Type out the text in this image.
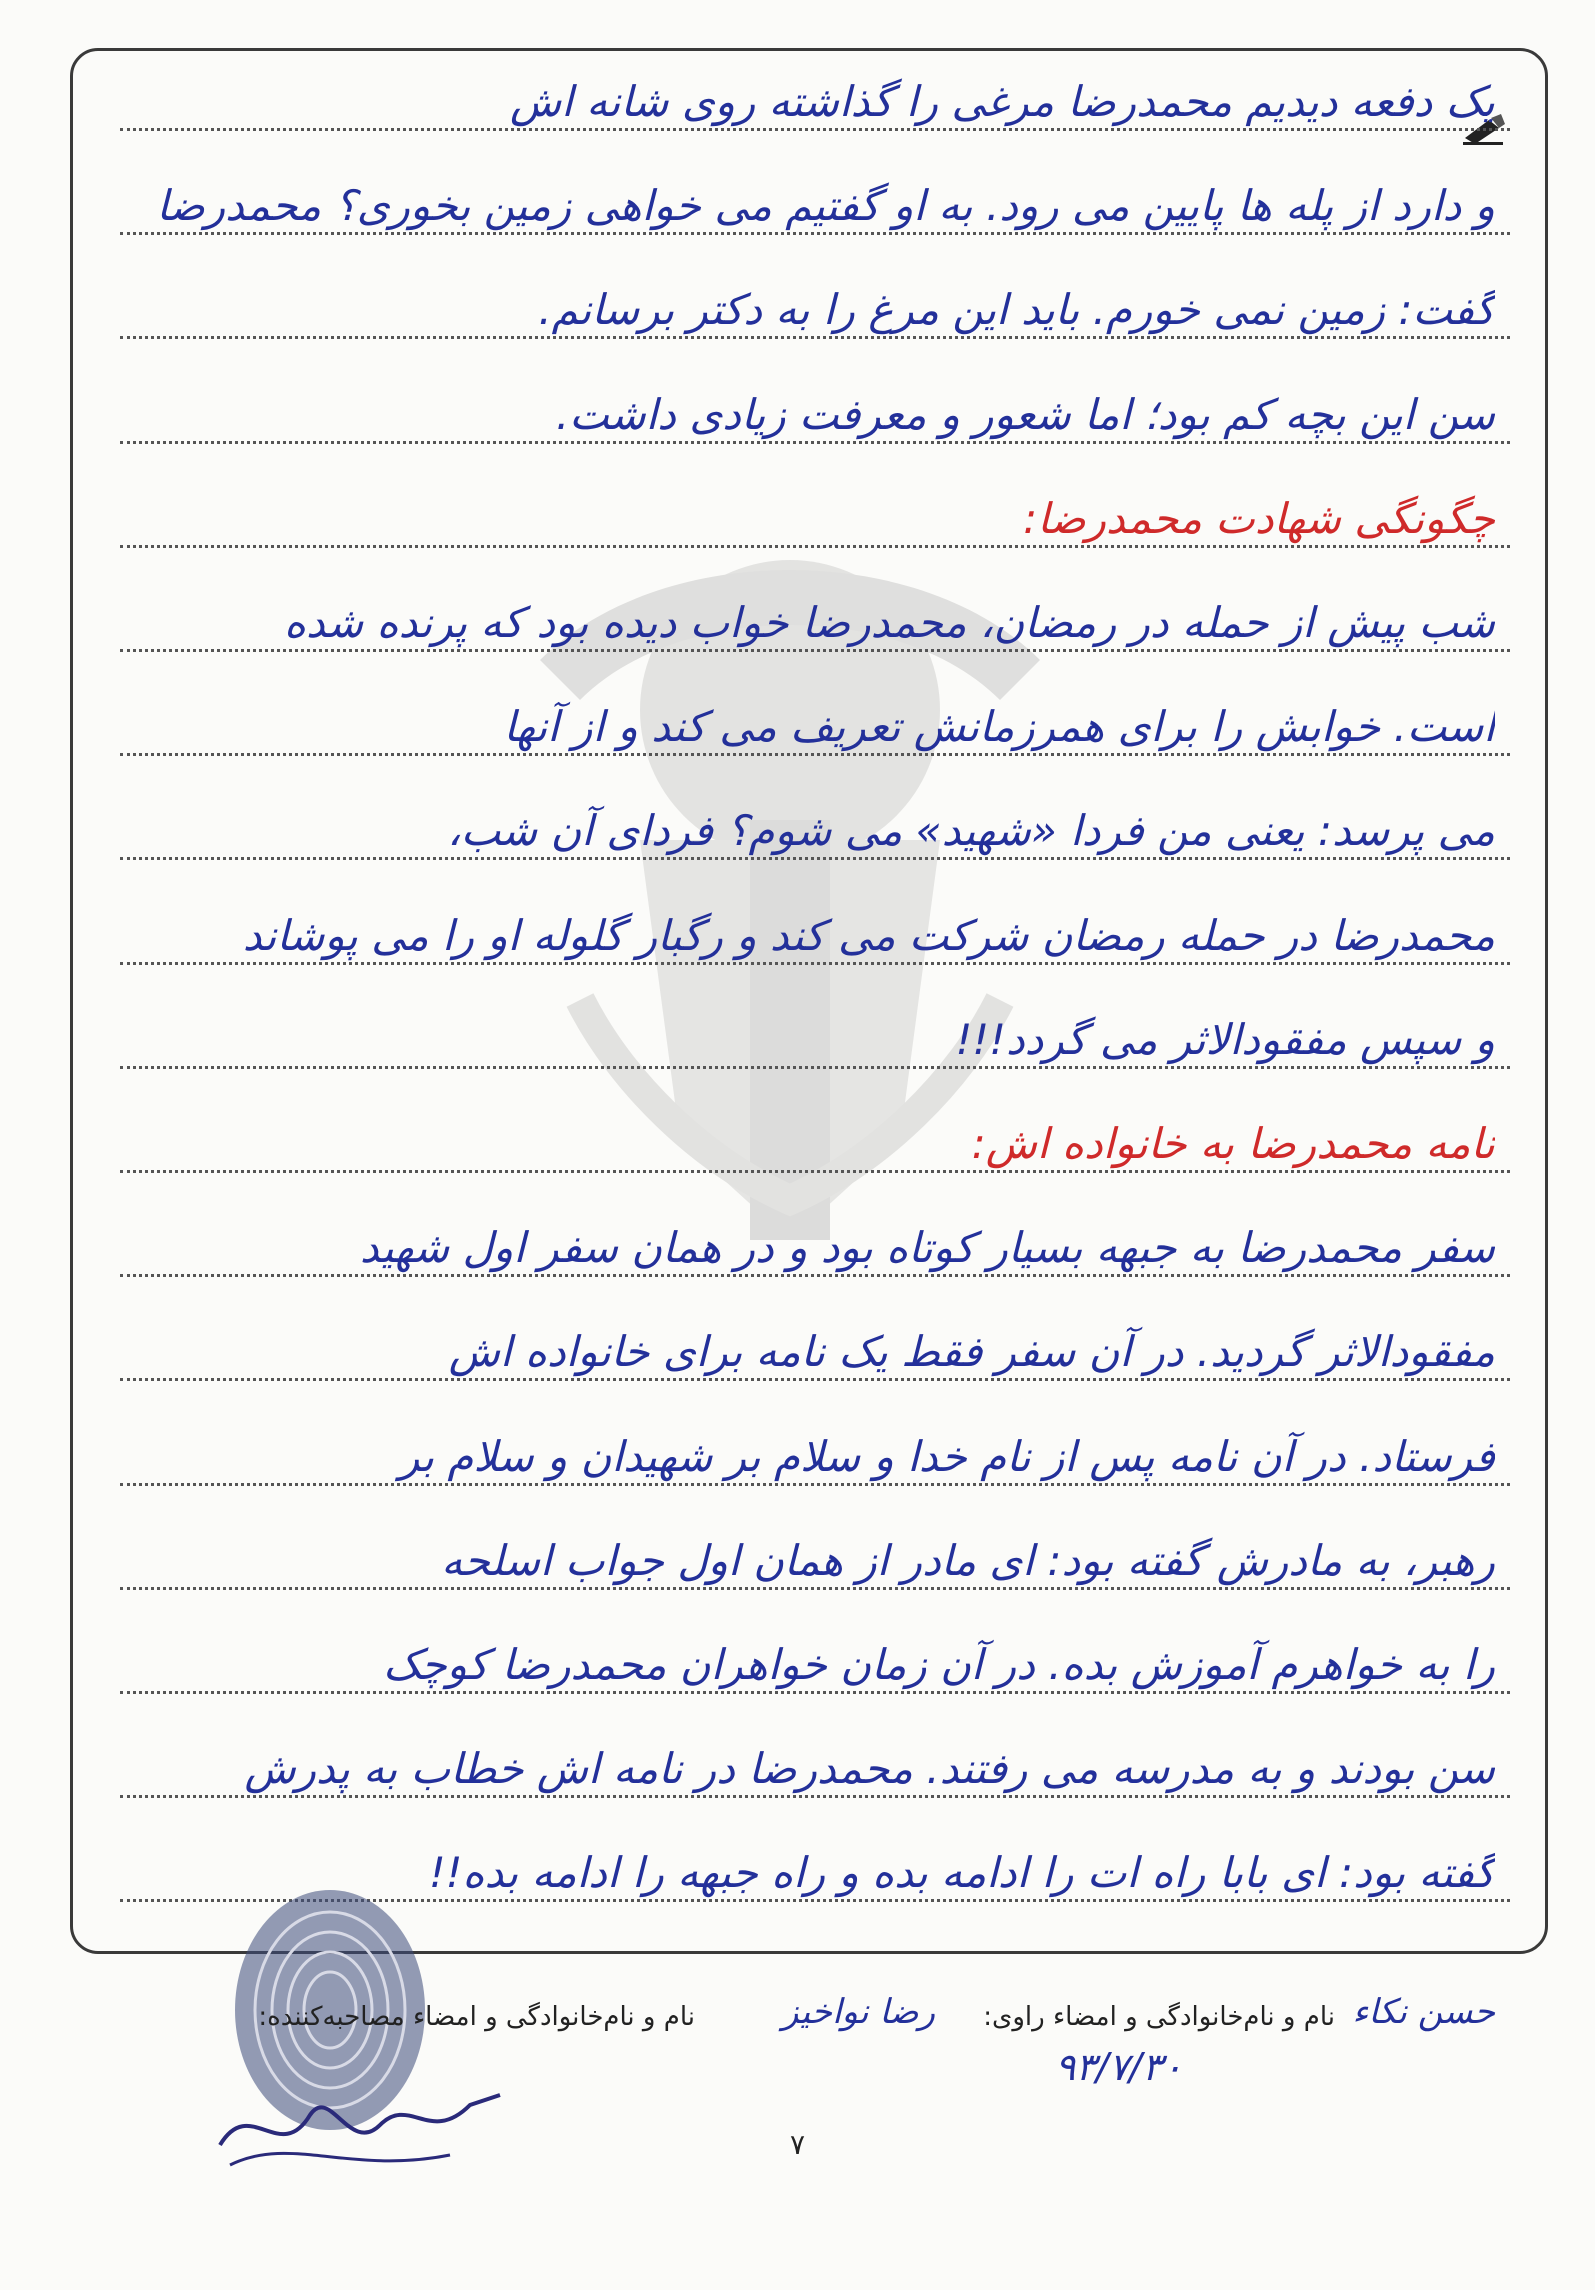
یک دفعه دیدیم محمدرضا مرغی را گذاشته روی شانه اش
و دارد از پله ها پایین می رود. به او گفتیم می خواهی زمین بخوری؟ محمدرضا
گفت: زمین نمی خورم. باید این مرغ را به دکتر برسانم.
سن این بچه کم بود؛ اما شعور و معرفت زیادی داشت.
چگونگی شهادت محمدرضا:
شب پیش از حمله در رمضان، محمدرضا خواب دیده بود که پرنده شده
است. خوابش را برای همرزمانش تعریف می کند و از آنها
می پرسد: یعنی من فردا «شهید» می شوم؟ فردای آن شب،
محمدرضا در حمله رمضان شرکت می کند و رگبار گلوله او را می پوشاند
و سپس مفقودالاثر می گردد!!!
نامه محمدرضا به خانواده اش:
سفر محمدرضا به جبهه بسیار کوتاه بود و در همان سفر اول شهید
مفقودالاثر گردید. در آن سفر فقط یک نامه برای خانواده اش
فرستاد. در آن نامه پس از نام خدا و سلام بر شهیدان و سلام بر
رهبر، به مادرش گفته بود: ای مادر از همان اول جواب اسلحه
را به خواهرم آموزش بده. در آن زمان خواهران محمدرضا کوچک
سن بودند و به مدرسه می رفتند. محمدرضا در نامه اش خطاب به پدرش
گفته بود: ای بابا راه ات را ادامه بده و راه جبهه را ادامه بده!!
حسن نکاء
نام و نام‌خانوادگی و امضاء راوی:
رضا نواخیز
نام و نام‌خانوادگی و امضاء مصاحبه‌کننده:
۹۳/۷/۳۰
۷
